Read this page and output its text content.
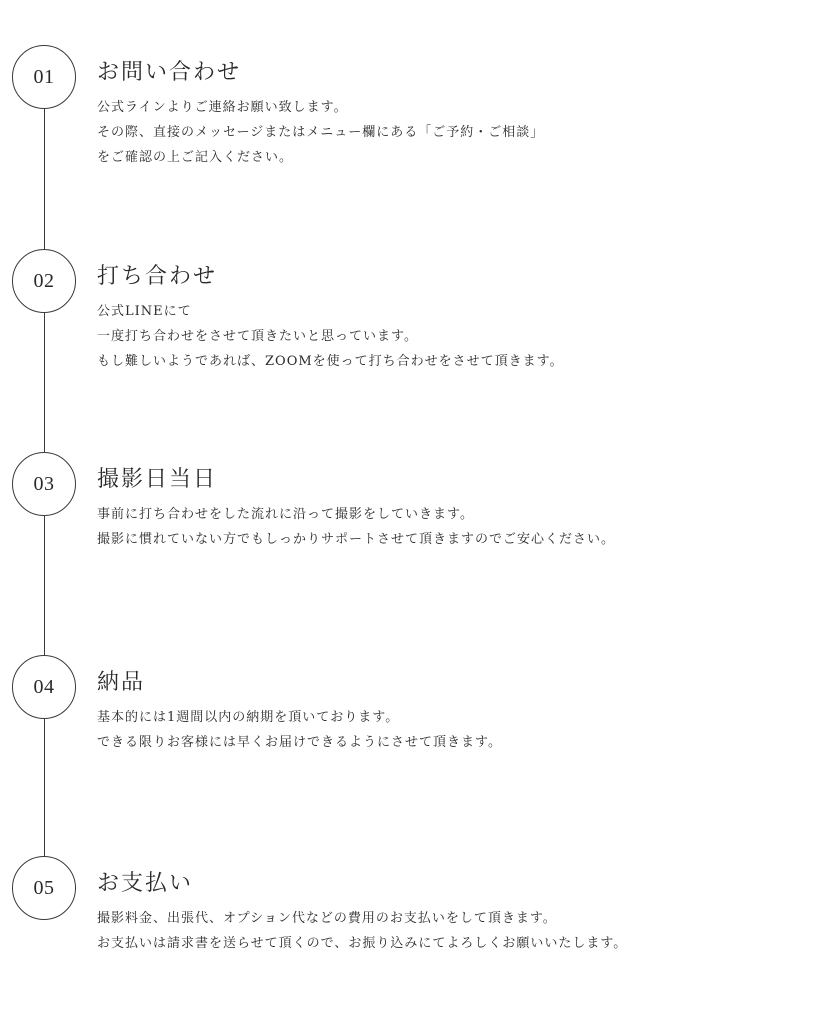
01	お問い合わせ
公式ラインよりご連絡お願い致します。
その際、直接のメッセージまたはメニュー欄にある「ご予約・ご相談」
をご確認の上ご記入ください。
02	打ち合わせ
公式LINEにて
一度打ち合わせをさせて頂きたいと思っています。
もし難しいようであれば、ZOOMを使って打ち合わせをさせて頂きます。
03	撮影日当日
事前に打ち合わせをした流れに沿って撮影をしていきます。
撮影に慣れていない方でもしっかりサポートさせて頂きますのでご安心ください。
04	納品
基本的には1週間以内の納期を頂いております。
できる限りお客様には早くお届けできるようにさせて頂きます。
05	お支払い
撮影料金、出張代、オプション代などの費用のお支払いをして頂きます。
お支払いは請求書を送らせて頂くので、お振り込みにてよろしくお願いいたします。
